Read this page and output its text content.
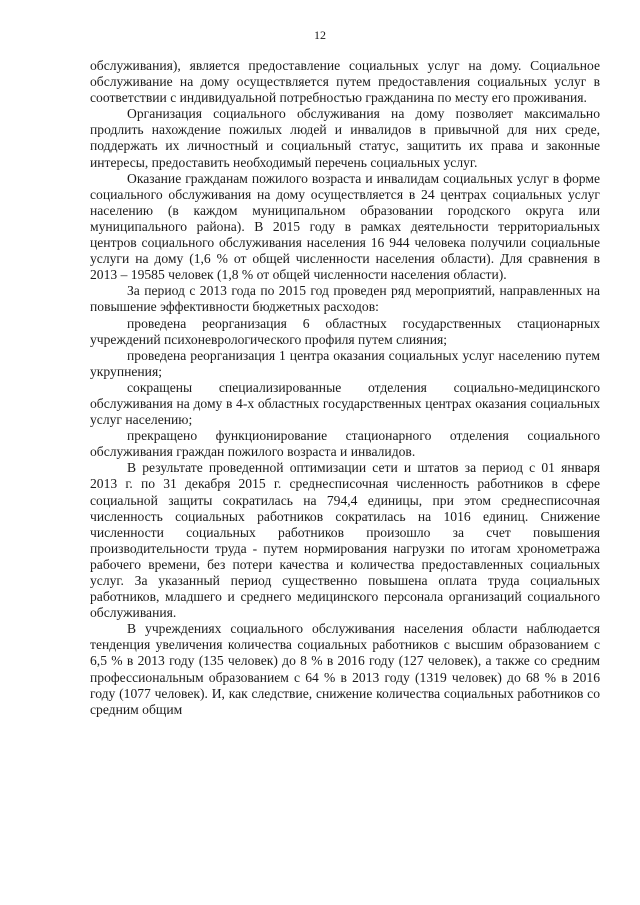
12

обслуживания), является предоставление социальных услуг на дому. Социальное обслуживание на дому осуществляется путем предоставления социальных услуг в соответствии с индивидуальной потребностью гражданина по месту его проживания.

Организация социального обслуживания на дому позволяет максимально продлить нахождение пожилых людей и инвалидов в привычной для них среде, поддержать их личностный и социальный статус, защитить их права и законные интересы, предоставить необходимый перечень социальных услуг.

Оказание гражданам пожилого возраста и инвалидам социальных услуг в форме социального обслуживания на дому осуществляется в 24 центрах социальных услуг населению (в каждом муниципальном образовании городского округа или муниципального района). В 2015 году в рамках деятельности территориальных центров социального обслуживания населения 16 944 человека получили социальные услуги на дому (1,6 % от общей численности населения области). Для сравнения в 2013 – 19585 человек (1,8 % от общей численности населения области).

За период с 2013 года по 2015 год проведен ряд мероприятий, направленных на повышение эффективности бюджетных расходов:

проведена реорганизация 6 областных государственных стационарных учреждений психоневрологического профиля путем слияния;

проведена реорганизация 1 центра оказания социальных услуг населению путем укрупнения;

сокращены специализированные отделения социально-медицинского обслуживания на дому в 4-х областных государственных центрах оказания социальных услуг населению;

прекращено функционирование стационарного отделения социального обслуживания граждан пожилого возраста и инвалидов.

В результате проведенной оптимизации сети и штатов за период с 01 января 2013 г. по 31 декабря 2015 г. среднесписочная численность работников в сфере социальной защиты сократилась на 794,4 единицы, при этом среднесписочная численность социальных работников сократилась на 1016 единиц. Снижение численности социальных работников произошло за счет повышения производительности труда - путем нормирования нагрузки по итогам хронометража рабочего времени, без потери качества и количества предоставленных социальных услуг. За указанный период существенно повышена оплата труда социальных работников, младшего и среднего медицинского персонала организаций социального обслуживания.

В учреждениях социального обслуживания населения области наблюдается тенденция увеличения количества социальных работников с высшим образованием с 6,5 % в 2013 году (135 человек) до 8 % в 2016 году (127 человек), а также со средним профессиональным образованием с 64 % в 2013 году (1319 человек) до 68 % в 2016 году (1077 человек). И, как следствие, снижение количества социальных работников со средним общим
